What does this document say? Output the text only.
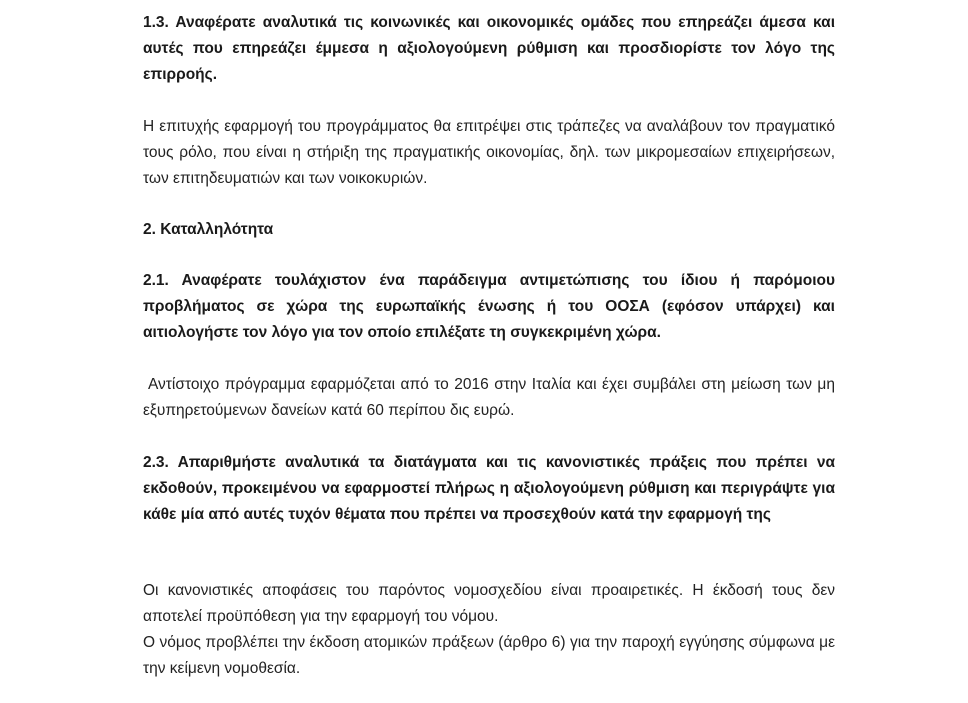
1.3. Αναφέρατε αναλυτικά τις κοινωνικές και οικονομικές ομάδες που επηρεάζει άμεσα και αυτές που επηρεάζει έμμεσα η αξιολογούμενη ρύθμιση και προσδιορίστε τον λόγο της επιρροής.

Η επιτυχής εφαρμογή του προγράμματος θα επιτρέψει στις τράπεζες να αναλάβουν τον πραγματικό τους ρόλο, που είναι η στήριξη της πραγματικής οικονομίας, δηλ. των μικρομεσαίων επιχειρήσεων, των επιτηδευματιών και των νοικοκυριών.

2. Καταλληλότητα

2.1. Αναφέρατε τουλάχιστον ένα παράδειγμα αντιμετώπισης του ίδιου ή παρόμοιου προβλήματος σε χώρα της ευρωπαϊκής ένωσης ή του ΟΟΣΑ (εφόσον υπάρχει) και αιτιολογήστε τον λόγο για τον οποίο επιλέξατε τη συγκεκριμένη χώρα.

Αντίστοιχο πρόγραμμα εφαρμόζεται από το 2016 στην Ιταλία και έχει συμβάλει στη μείωση των μη εξυπηρετούμενων δανείων κατά 60 περίπου δις ευρώ.

2.3. Απαριθμήστε αναλυτικά τα διατάγματα και τις κανονιστικές πράξεις που πρέπει να εκδοθούν, προκειμένου να εφαρμοστεί πλήρως η αξιολογούμενη ρύθμιση και περιγράψτε για κάθε μία από αυτές τυχόν θέματα που πρέπει να προσεχθούν κατά την εφαρμογή της

Οι κανονιστικές αποφάσεις του παρόντος νομοσχεδίου είναι προαιρετικές. Η έκδοσή τους δεν αποτελεί προϋπόθεση για την εφαρμογή του νόμου.

Ο νόμος προβλέπει την έκδοση ατομικών πράξεων (άρθρο 6) για την παροχή εγγύησης σύμφωνα με την κείμενη νομοθεσία.
